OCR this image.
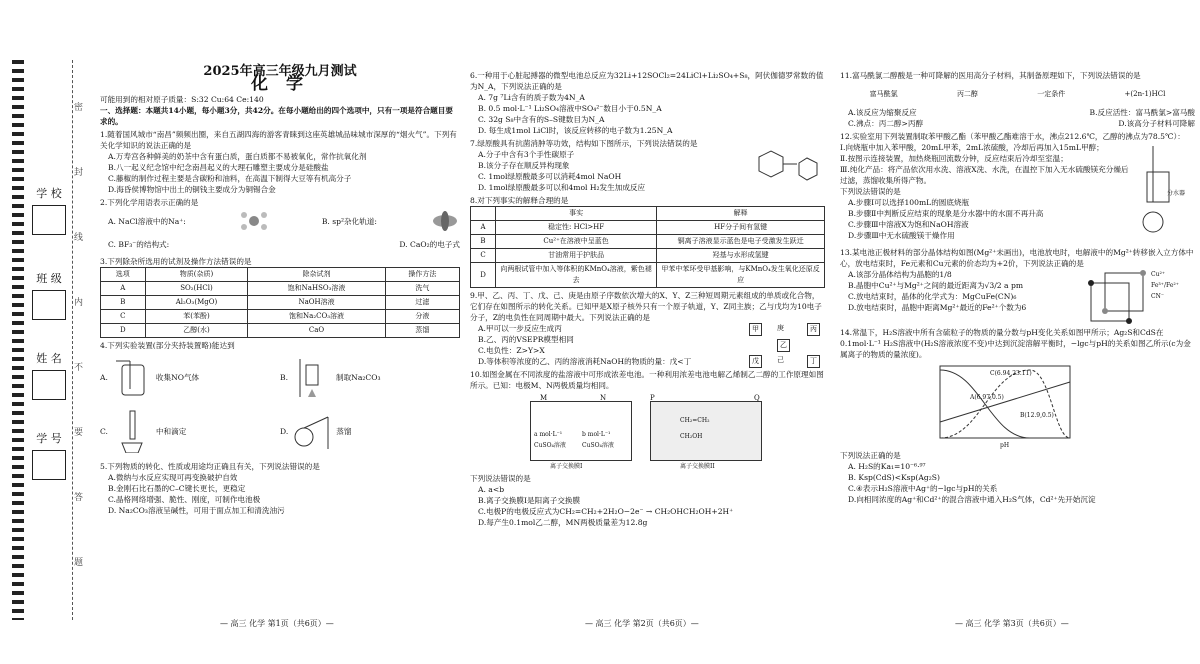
学 校
班 级
姓 名
学 号
密
封
线
内
不
要
答
题
2025年高三年级九月测试
化 学

可能用到的相对原子质量：S:32 Cu:64 Ce:140

一、选择题：本题共14小题，每小题3分，共42分。在每小题给出的四个选项中，只有一项是符合题目要求的。

1.随着国风城市“南昌”频频出圈，来自五湖四海的游客青睐到这座英雄城品味城市深厚的“烟火气”。下列有关化学知识的说法正确的是

A.万寿宫各种鲜美的奶茶中含有蛋白质，蛋白质都不易被氧化，常作抗氧化剂

B.八一起义纪念馆中纪念南昌起义的大理石雕塑主要成分是硅酸盐

C.藤椒的制作过程主要是含碳粉和油料，在高温下制得大豆等有机高分子

D.海昏侯博物馆中出土的铜钱主要成分为铜锡合金

2.下列化学用语表示正确的是

A. NaCl溶液中的Na⁺:	B. sp²杂化轨道:
C. BF₃⁻的结构式:	D. CaO₂的电子式

3.下列除杂所选用的试剂及操作方法错误的是

选项	物质(杂质)	除杂试剂	操作方法
A	SO₂(HCl)	饱和NaHSO₃溶液	洗气
B	Al₂O₃(MgO)	NaOH溶液	过滤
C	苯(苯酚)	饱和Na₂CO₃溶液	分液
D	乙醇(水)	CaO	蒸馏

4.下列实验装置(部分夹持装置略)能达到

A.	收集NO气体	B.	制取Na₂CO₃
C.	中和滴定	D.	蒸馏

5.下列物质的转化、性质或用途均正确且有关，下列说法错误的是

A.微纳与水反应实现可再变换破护自效

B.金刚石比石墨的C–C键长更长，更稳定

C.晶格网络增强、脆性、刚度，可制作电池极

D. Na₂CO₃溶液呈碱性，可用于面点加工和清洗油污

— 高三 化学 第1页（共6页）—

6.一种用于心脏起搏器的微型电池总反应为32Li+12SOCl₂=24LiCl+Li₂SO₄+S₈，阿伏伽德罗常数的值为N_A，下列说法正确的是

A. 7g ⁷Li含有的质子数为4N_A

B. 0.5 mol·L⁻¹ Li₂SO₄溶液中SO₄²⁻数目小于0.5N_A

C. 32g S₈中含有的S–S键数目为N_A

D. 每生成1mol LiCl时，该反应转移的电子数为1.25N_A

7.绿原酸具有抗菌消肿等功效，结构如下图所示，下列说法错误的是

A.分子中含有3个手性碳原子

B.该分子存在顺反异构现象

C. 1mol绿原酸最多可以消耗4mol NaOH

D. 1mol绿原酸最多可以和4mol H₂发生加成反应

8.对下列事实的解释合理的是

	事实	解释
A	稳定性: HCl>HF	HF分子间有氢键
B	Cu²⁺在溶液中呈蓝色	铜离子溶液显示蓝色是电子受激发生跃迁
C	甘油常用于护肤品	羟基与水形成氢键
D	向两根试管中加入等体积的KMnO₄溶液，紫色褪去	甲苯中苯环受甲基影响，与KMnO₄发生氧化还原反应

9.甲、乙、丙、丁、戊、己、庚是由原子序数依次增大的X、Y、Z三种短周期元素组成的单质或化合物，它们存在如图所示的转化关系。已知甲是X原子核外只有一个原子轨道，Y、Z同主族；乙与戊均为10电子分子，Z的电负性在同周期中最大。下列说法正确的是

A.甲可以一步反应生成丙

B.乙、丙的VSEPR模型相同

C.电负性：Z>Y>X

D.等体积等浓度的乙、丙的溶液消耗NaOH的物质的量：戊<丁

甲	庚	丙
乙
戊	己	丁

10.如图金属在不同浓度的盐溶液中可形成浓差电池。一种利用浓差电池电解乙烯制乙二醇的工作原理如图所示。已知：电极M、N两极质量均相同。

M	N	P	Q
a mol·L⁻¹ CuSO₄溶液
b mol·L⁻¹ CuSO₄溶液
离子交换膜I
CH₂=CH₂
CH₂OH
离子交换膜II

下列说法错误的是

A. a<b

B.离子交换膜I是阳离子交换膜

C.电极P的电极反应式为CH₂=CH₂+2H₂O−2e⁻ → CH₂OHCH₂OH+2H⁺

D.每产生0.1mol乙二醇，MN两极质量差为12.8g

— 高三 化学 第2页（共6页）—

11.富马酰氯二醇酸是一种可降解的医用高分子材料，其制备原理如下，下列说法错误的是

富马酰氯	丙二醇	一定条件	+(2n-1)HCl
A.该反应为缩聚反应	B.反应活性：富马酰氯>富马酸
C.沸点：丙二醇>丙醇	D.该高分子材料可降解

12.实验室用下列装置制取苯甲酸乙酯（苯甲酸乙酯难溶于水，沸点212.6℃，乙醇的沸点为78.5℃）：

Ⅰ.向烧瓶中加入苯甲酸，20mL甲苯，2mL浓硫酸，冷却后再加入15mL甲醇；

Ⅱ.按图示连接装置，加热烧瓶回流数分钟，反应结束后冷却至室温；

Ⅲ.纯化产品：将产品依次用水洗、溶液X洗、水洗，在温控下加入无水硫酸镁充分燥后过滤，蒸馏收集所得产物。

下列说法错误的是

A.步骤Ⅰ可以选择100mL的圆底烧瓶

B.步骤Ⅱ中判断反应结束的现象是分水器中的水面不再升高

C.步骤Ⅲ中溶液X为饱和NaOH溶液

D.步骤Ⅲ中无水硫酸镁干燥作用

分水器

13.某电池正极材料的部分晶体结构如图(Mg²⁺未画出)，电池放电时，电解液中的Mg²⁺转移嵌入立方体中心，放电结束时，Fe元素和Cu元素的价态均为+2价，下列说法正确的是

A.该部分晶体结构为晶胞的1/8

B.晶胞中Cu²⁺与Mg²⁺之间的最近距离为√3/2 a pm

C.放电结束时，晶体的化学式为：MgCuFe(CN)₆

D.放电结束时，晶胞中距离Mg²⁺最近的Fe²⁺个数为6

Cu²⁺

Fe³⁺/Fe²⁺

CN⁻

14.常温下，H₂S溶液中所有含硫粒子的物质的量分数与pH变化关系如图甲所示；Ag₂S和CdS在0.1mol·L⁻¹ H₂S溶液中(H₂S溶液浓度不变)中达到沉淀溶解平衡时，−lgc与pH的关系如图乙所示(c为金属离子的物质的量浓度)。

A(6.97,0.5)
B(12.9,0.5)
C(6.94,23.11)
pH

下列说法正确的是

A. H₂S的Ka₁=10⁻⁶·⁹⁷

B. Ksp(CdS)<Ksp(Ag₂S)

C.④表示H₂S溶液中Ag⁺的−lgc与pH的关系

D.向相同浓度的Ag⁺和Cd²⁺的混合溶液中通入H₂S气体，Cd²⁺先开始沉淀

— 高三 化学 第3页（共6页）—
